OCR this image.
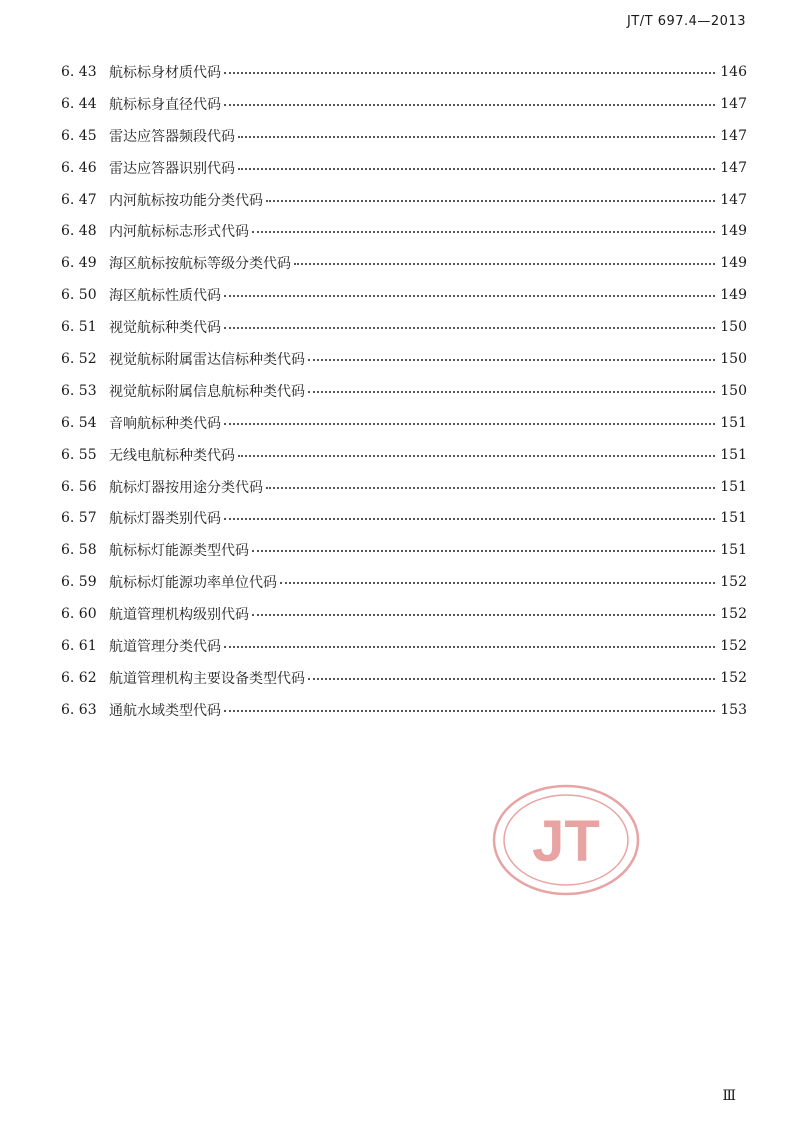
JT/T 697.4—2013
6. 43 航标标身材质代码	146
6. 44 航标标身直径代码	147
6. 45 雷达应答器频段代码	147
6. 46 雷达应答器识别代码	147
6. 47 内河航标按功能分类代码	147
6. 48 内河航标标志形式代码	149
6. 49 海区航标按航标等级分类代码	149
6. 50 海区航标性质代码	149
6. 51 视觉航标种类代码	150
6. 52 视觉航标附属雷达信标种类代码	150
6. 53 视觉航标附属信息航标种类代码	150
6. 54 音响航标种类代码	151
6. 55 无线电航标种类代码	151
6. 56 航标灯器按用途分类代码	151
6. 57 航标灯器类别代码	151
6. 58 航标标灯能源类型代码	151
6. 59 航标标灯能源功率单位代码	152
6. 60 航道管理机构级别代码	152
6. 61 航道管理分类代码	152
6. 62 航道管理机构主要设备类型代码	152
6. 63 通航水域类型代码	153
JT
Ⅲ
